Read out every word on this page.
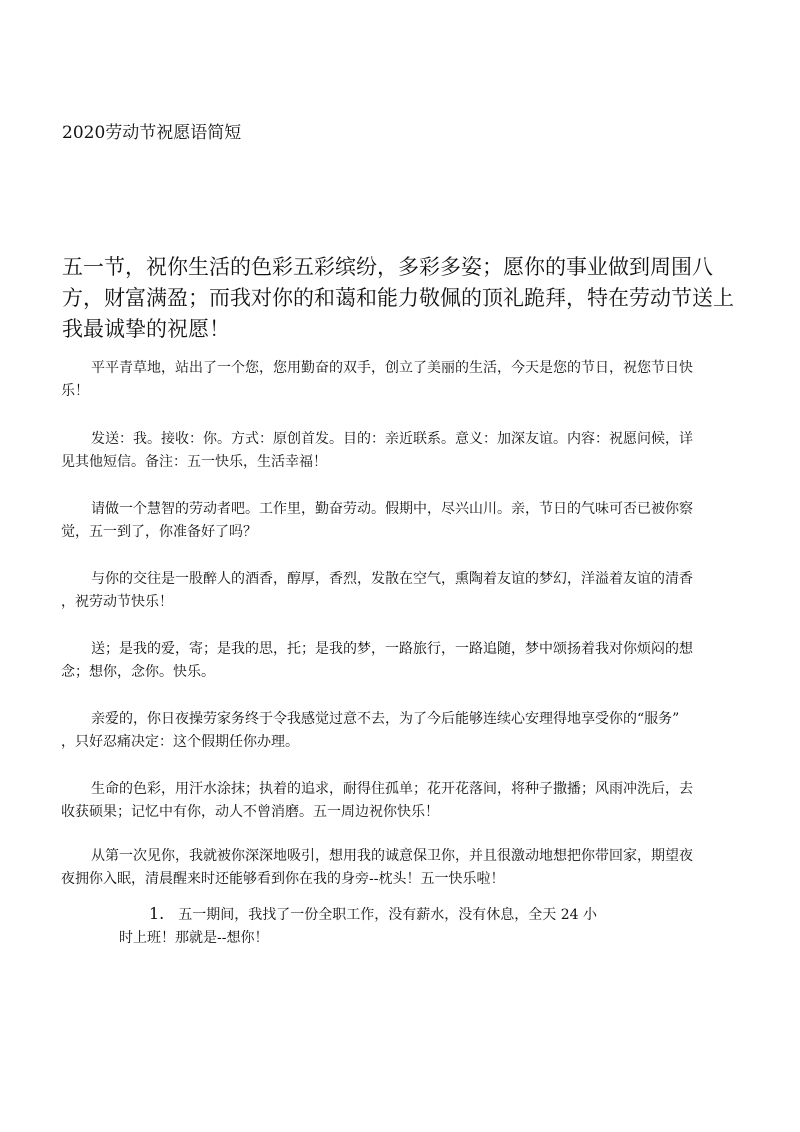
2020劳动节祝愿语简短
五一节，祝你生活的色彩五彩缤纷，多彩多姿；愿你的事业做到周围八方，财富满盈；而我对你的和蔼和能力敬佩的顶礼跪拜，特在劳动节送上我最诚挚的祝愿！

平平青草地，站出了一个您，您用勤奋的双手，创立了美丽的生活，今天是您的节日，祝您节日快

乐！

发送：我。接收：你。方式：原创首发。目的：亲近联系。意义：加深友谊。内容：祝愿问候，详

见其他短信。备注：五一快乐，生活幸福！

请做一个慧智的劳动者吧。工作里，勤奋劳动。假期中，尽兴山川。亲，节日的气味可否已被你察

觉，五一到了，你准备好了吗？

与你的交往是一股醉人的酒香，醇厚，香烈，发散在空气，熏陶着友谊的梦幻，洋溢着友谊的清香

，祝劳动节快乐！

送；是我的爱，寄；是我的思，托；是我的梦，一路旅行，一路追随，梦中颂扬着我对你烦闷的想

念；想你，念你。快乐。

亲爱的，你日夜操劳家务终于令我感觉过意不去，为了今后能够连续心安理得地享受你的“服务”

，只好忍痛决定：这个假期任你办理。

生命的色彩，用汗水涂抹；执着的追求，耐得住孤单；花开花落间，将种子撒播；风雨冲洗后，去

收获硕果；记忆中有你，动人不曾消磨。五一周边祝你快乐！

从第一次见你，我就被你深深地吸引，想用我的诚意保卫你，并且很激动地想把你带回家，期望夜

夜拥你入眠，清晨醒来时还能够看到你在我的身旁--枕头！五一快乐啦！

1. 五一期间，我找了一份全职工作，没有薪水，没有休息，全天 24 小
时上班！那就是--想你！
